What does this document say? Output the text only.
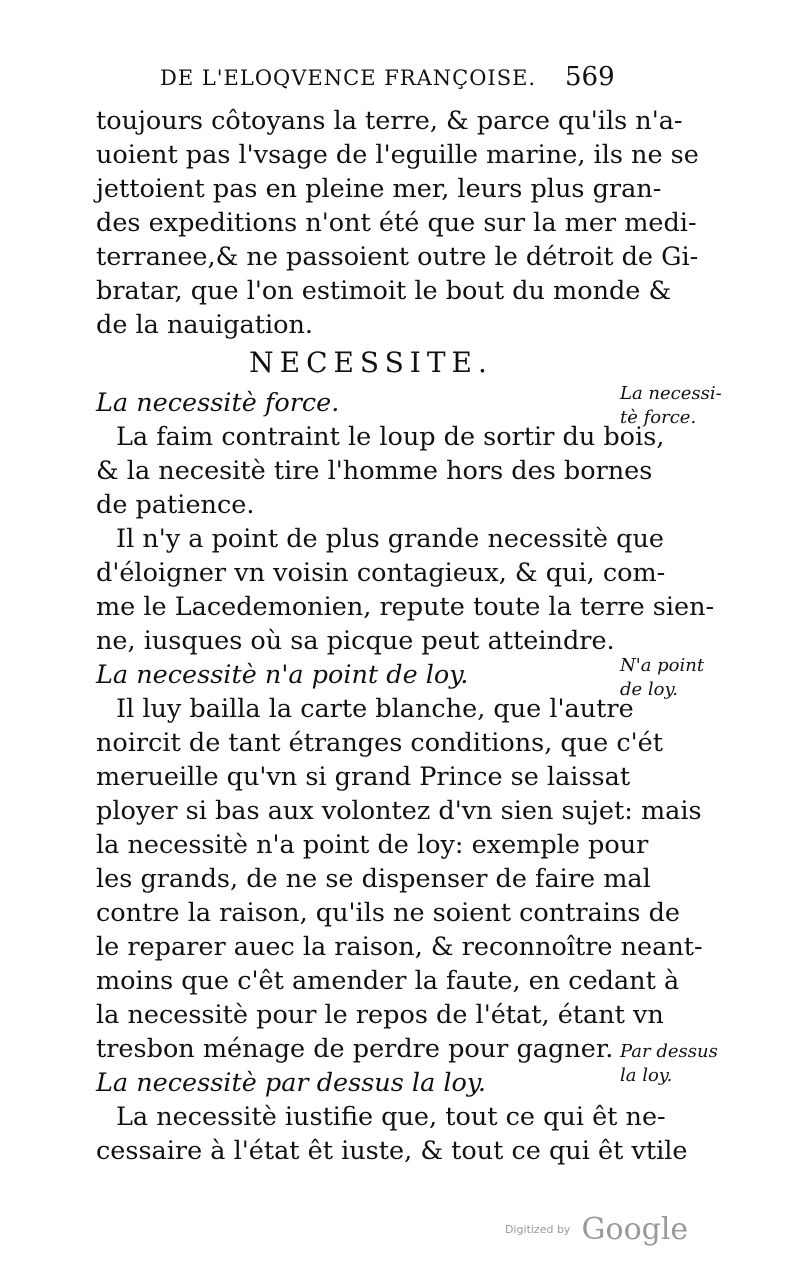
DE L'ELOQVENCE FRANÇOISE. 569
toujours côtoyans la terre, & parce qu'ils n'a-
uoient pas l'vsage de l'eguille marine, ils ne se
jettoient pas en pleine mer, leurs plus gran-
des expeditions n'ont été que sur la mer medi-
terranee,& ne passoient outre le détroit de Gi-
bratar, que l'on estimoit le bout du monde &
de la nauigation.
NECESSITE.
La necessitè force.
La faim contraint le loup de sortir du bois,
& la necesitè tire l'homme hors des bornes
de patience.
Il n'y a point de plus grande necessitè que
d'éloigner vn voisin contagieux, & qui, com-
me le Lacedemonien, repute toute la terre sien-
ne, iusques où sa picque peut atteindre.
La necessitè n'a point de loy.
Il luy bailla la carte blanche, que l'autre
noircit de tant étranges conditions, que c'ét
merueille qu'vn si grand Prince se laissat
ployer si bas aux volontez d'vn sien sujet: mais
la necessitè n'a point de loy: exemple pour
les grands, de ne se dispenser de faire mal
contre la raison, qu'ils ne soient contrains de
le reparer auec la raison, & reconnoître neant-
moins que c'êt amender la faute, en cedant à
la necessitè pour le repos de l'état, étant vn
tresbon ménage de perdre pour gagner.
La necessitè par dessus la loy.
La necessitè iustifie que, tout ce qui êt ne-
cessaire à l'état êt iuste, & tout ce qui êt vtile
La necessi-
tè force.
N'a point
de loy.
Par dessus
la loy.
$^{Digitized by}$ Google
